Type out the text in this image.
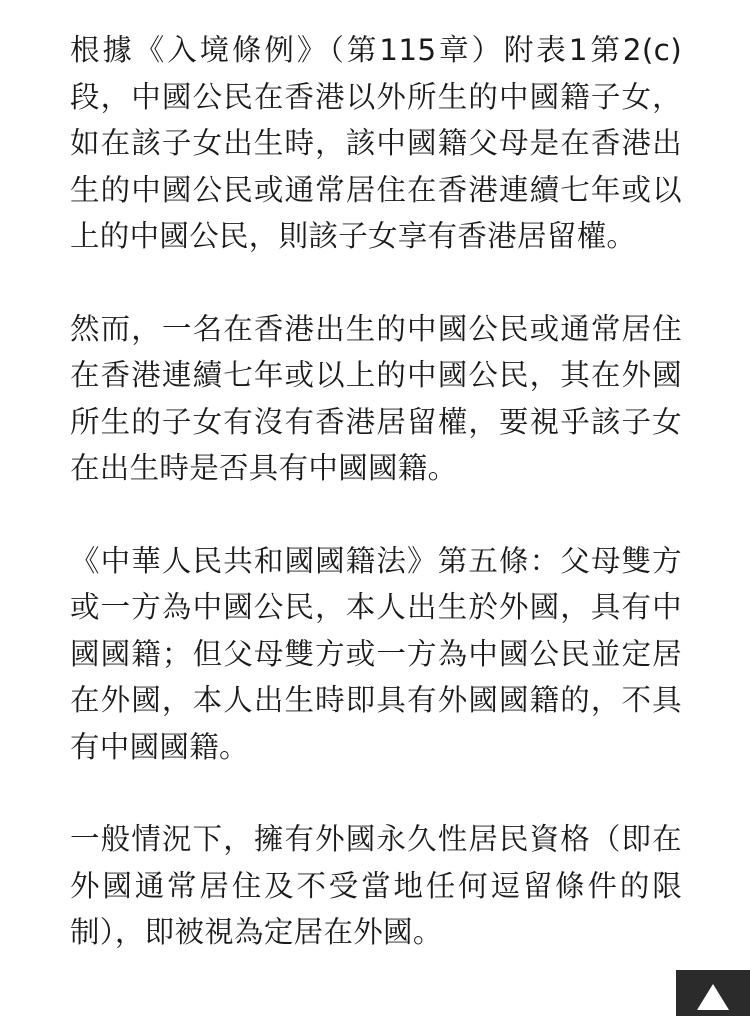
根據《入境條例》（第115章）附表1第2(c)段，中國公民在香港以外所生的中國籍子女，如在該子女出生時，該中國籍父母是在香港出生的中國公民或通常居住在香港連續七年或以上的中國公民，則該子女享有香港居留權。

然而，一名在香港出生的中國公民或通常居住在香港連續七年或以上的中國公民，其在外國所生的子女有沒有香港居留權，要視乎該子女在出生時是否具有中國國籍。

《中華人民共和國國籍法》第五條：父母雙方或一方為中國公民，本人出生於外國，具有中國國籍；但父母雙方或一方為中國公民並定居在外國，本人出生時即具有外國國籍的，不具有中國國籍。

一般情況下，擁有外國永久性居民資格（即在外國通常居住及不受當地任何逗留條件的限制），即被視為定居在外國。
